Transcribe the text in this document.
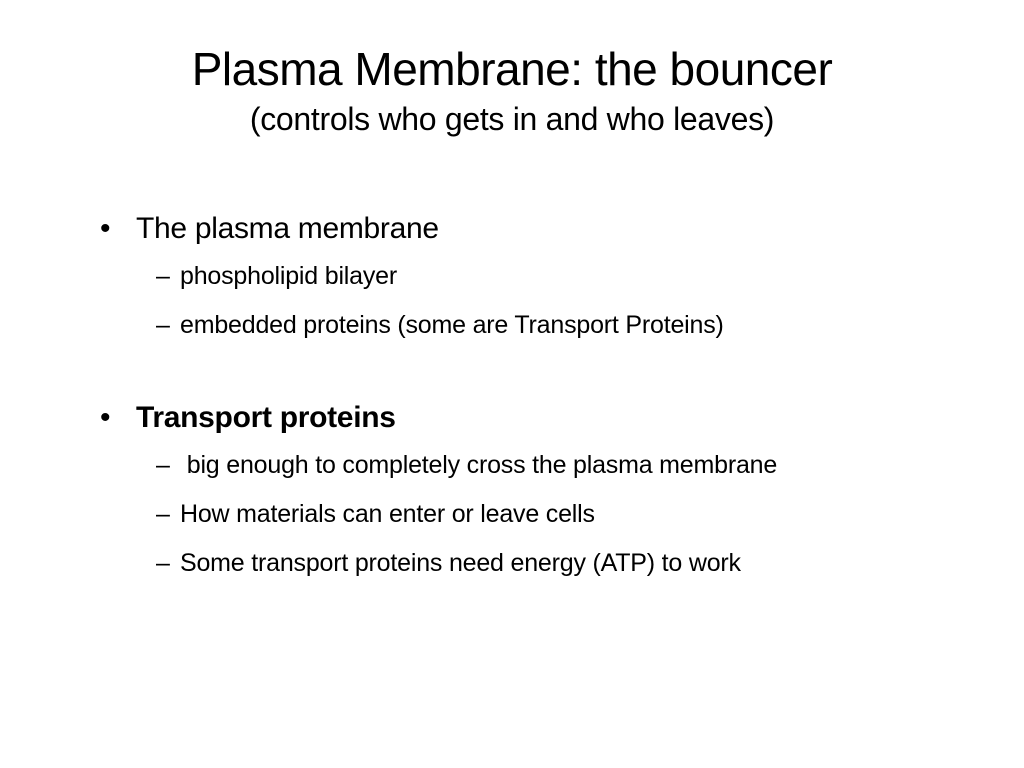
Plasma Membrane: the bouncer
(controls who gets in and who leaves)
• The plasma membrane
– phospholipid bilayer
– embedded proteins (some are Transport Proteins)
• Transport proteins
– big enough to completely cross the plasma membrane
– How materials can enter or leave cells
– Some transport proteins need energy (ATP) to work
